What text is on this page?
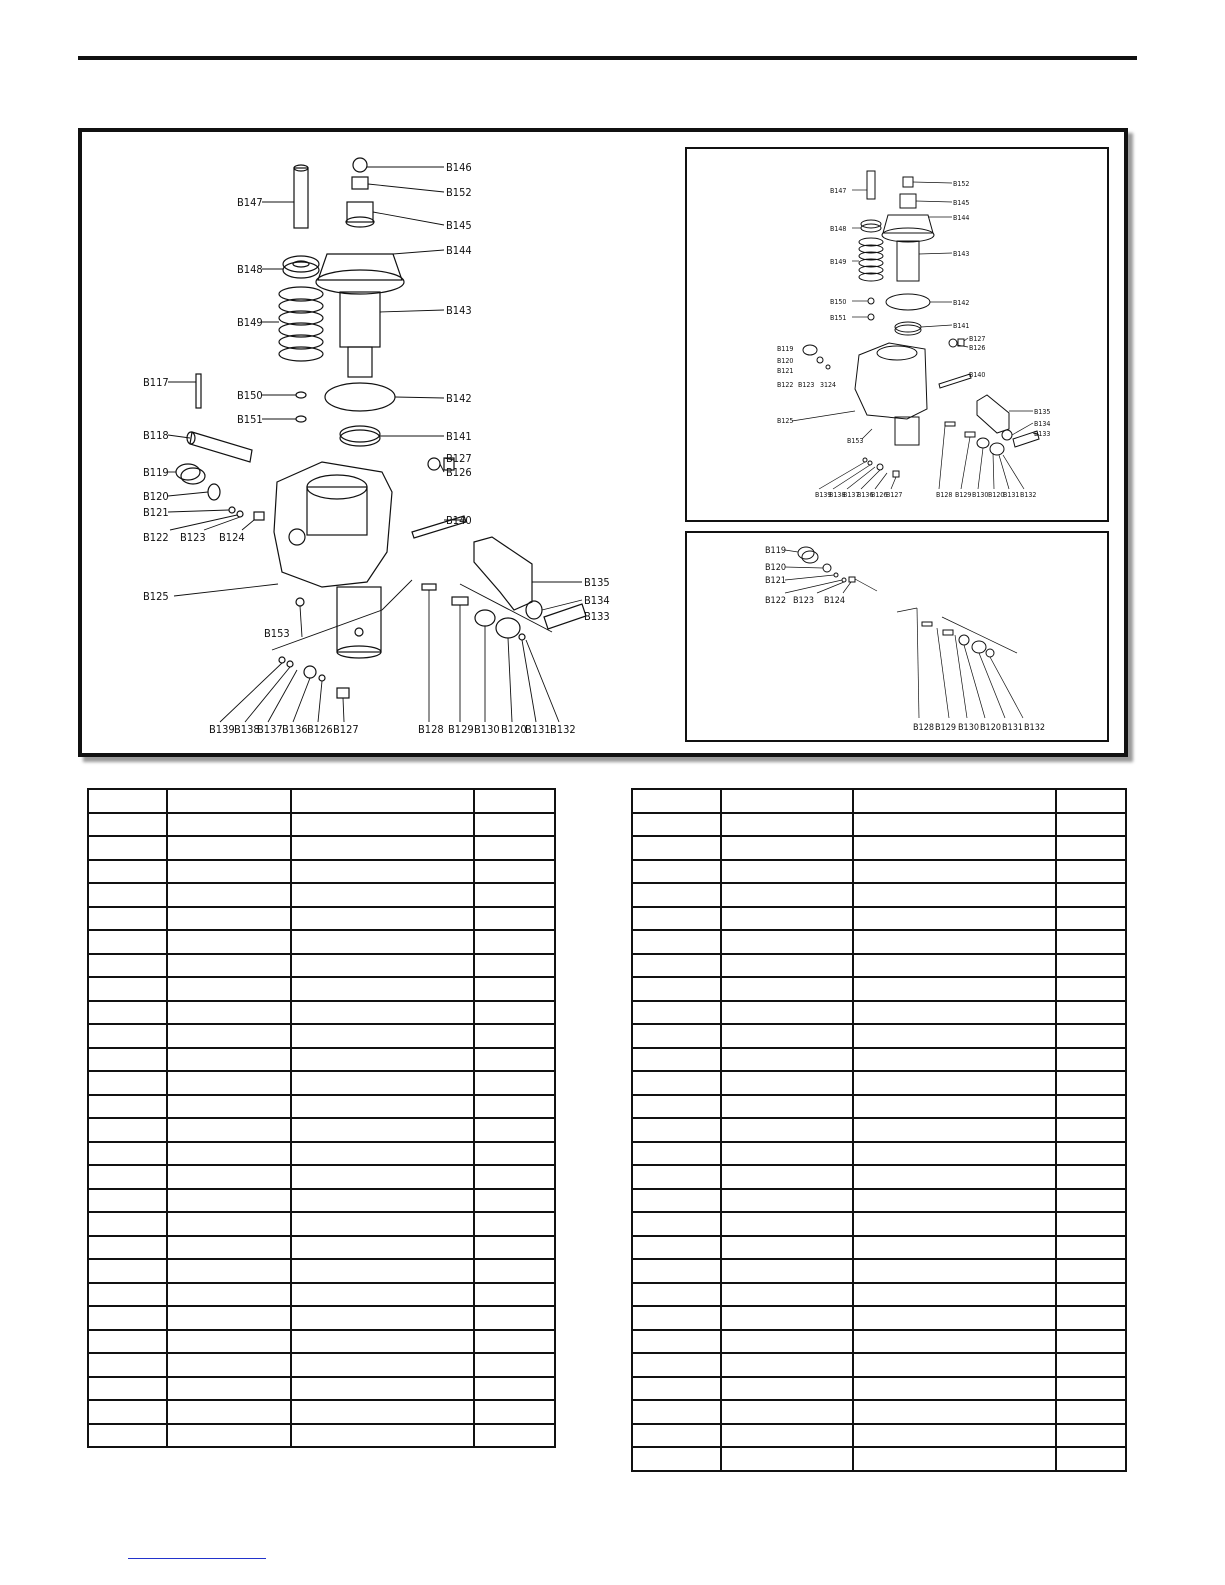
B147
B148
B149
B150
B151
B117
B118
B119
B120
B121
B122 B123 B124
B125
B153
B146
B152
B145
B144
B143
B142
B141
B127
B126
B140
B135
B134
B133
B139 B138
B137 B136 B126 B127	B128 B129 B130 B120
B131 B132
B147
B148
B149
B150
B151
B119
B120
B121
B122 B123 3124
B125
B153
B152
B145
B144
B143
B142
B141
B127
B126
B140
B135
B134
B133
B139
B138
B137
B136
B126
B127	B128 B129 B130 B120
B131 B132
B119
B120
B121
B122 B123 B124
B128 B129 B130 B120 B131 B132
